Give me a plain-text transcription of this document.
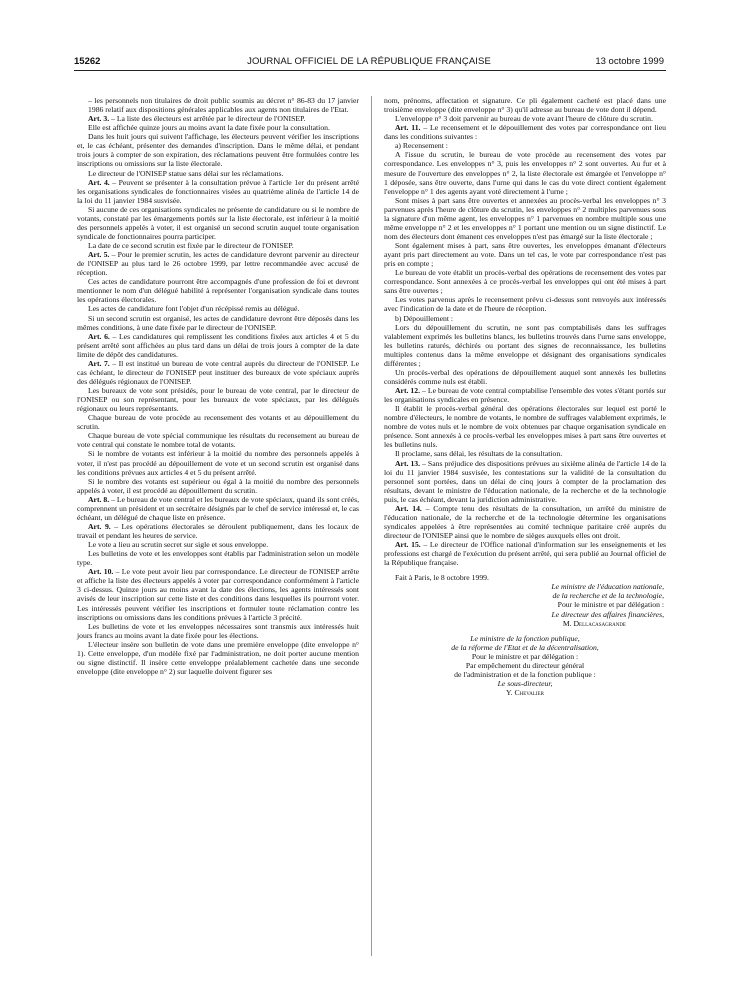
15262	JOURNAL OFFICIEL DE LA RÉPUBLIQUE FRANÇAISE	13 octobre 1999

– les personnels non titulaires de droit public soumis au décret n° 86-83 du 17 janvier 1986 relatif aux dispositions générales applicables aux agents non titulaires de l'Etat.

Art. 3. – La liste des électeurs est arrêtée par le directeur de l'ONISEP.

Elle est affichée quinze jours au moins avant la date fixée pour la consultation.

Dans les huit jours qui suivent l'affichage, les électeurs peuvent vérifier les inscriptions et, le cas échéant, présenter des demandes d'inscription. Dans le même délai, et pendant trois jours à compter de son expiration, des réclamations peuvent être formulées contre les inscriptions ou omissions sur la liste électorale.

Le directeur de l'ONISEP statue sans délai sur les réclamations.

Art. 4. – Peuvent se présenter à la consultation prévue à l'article 1er du présent arrêté les organisations syndicales de fonctionnaires visées au quatrième alinéa de l'article 14 de la loi du 11 janvier 1984 susvisée.

Si aucune de ces organisations syndicales ne présente de candidature ou si le nombre de votants, constaté par les émargements portés sur la liste électorale, est inférieur à la moitié des personnels appelés à voter, il est organisé un second scrutin auquel toute organisation syndicale de fonctionnaires pourra participer.

La date de ce second scrutin est fixée par le directeur de l'ONISEP.

Art. 5. – Pour le premier scrutin, les actes de candidature devront parvenir au directeur de l'ONISEP au plus tard le 26 octobre 1999, par lettre recommandée avec accusé de réception.

Ces actes de candidature pourront être accompagnés d'une profession de foi et devront mentionner le nom d'un délégué habilité à représenter l'organisation syndicale dans toutes les opérations électorales.

Les actes de candidature font l'objet d'un récépissé remis au délégué.

Si un second scrutin est organisé, les actes de candidature devront être déposés dans les mêmes conditions, à une date fixée par le directeur de l'ONISEP.

Art. 6. – Les candidatures qui remplissent les conditions fixées aux articles 4 et 5 du présent arrêté sont affichées au plus tard dans un délai de trois jours à compter de la date limite de dépôt des candidatures.

Art. 7. – Il est institué un bureau de vote central auprès du directeur de l'ONISEP. Le cas échéant, le directeur de l'ONISEP peut instituer des bureaux de vote spéciaux auprès des délégués régionaux de l'ONISEP.

Les bureaux de vote sont présidés, pour le bureau de vote central, par le directeur de l'ONISEP ou son représentant, pour les bureaux de vote spéciaux, par les délégués régionaux ou leurs représentants.

Chaque bureau de vote procède au recensement des votants et au dépouillement du scrutin.

Chaque bureau de vote spécial communique les résultats du recensement au bureau de vote central qui constate le nombre total de votants.

Si le nombre de votants est inférieur à la moitié du nombre des personnels appelés à voter, il n'est pas procédé au dépouillement de vote et un second scrutin est organisé dans les conditions prévues aux articles 4 et 5 du présent arrêté.

Si le nombre des votants est supérieur ou égal à la moitié du nombre des personnels appelés à voter, il est procédé au dépouillement du scrutin.

Art. 8. – Le bureau de vote central et les bureaux de vote spéciaux, quand ils sont créés, comprennent un président et un secrétaire désignés par le chef de service intéressé et, le cas échéant, un délégué de chaque liste en présence.

Art. 9. – Les opérations électorales se déroulent publiquement, dans les locaux de travail et pendant les heures de service.

Le vote a lieu au scrutin secret sur sigle et sous enveloppe.

Les bulletins de vote et les enveloppes sont établis par l'administration selon un modèle type.

Art. 10. – Le vote peut avoir lieu par correspondance. Le directeur de l'ONISEP arrête et affiche la liste des électeurs appelés à voter par correspondance conformément à l'article 3 ci-dessus. Quinze jours au moins avant la date des élections, les agents intéressés sont avisés de leur inscription sur cette liste et des conditions dans lesquelles ils pourront voter. Les intéressés peuvent vérifier les inscriptions et formuler toute réclamation contre les inscriptions ou omissions dans les conditions prévues à l'article 3 précité.

Les bulletins de vote et les enveloppes nécessaires sont transmis aux intéressés huit jours francs au moins avant la date fixée pour les élections.

L'électeur insère son bulletin de vote dans une première enveloppe (dite enveloppe n° 1). Cette enveloppe, d'un modèle fixé par l'administration, ne doit porter aucune mention ou signe distinctif. Il insère cette enveloppe préalablement cachetée dans une seconde enveloppe (dite enveloppe n° 2) sur laquelle doivent figurer ses

nom, prénoms, affectation et signature. Ce pli également cacheté est placé dans une troisième enveloppe (dite enveloppe n° 3) qu'il adresse au bureau de vote dont il dépend.

L'enveloppe n° 3 doit parvenir au bureau de vote avant l'heure de clôture du scrutin.

Art. 11. – Le recensement et le dépouillement des votes par correspondance ont lieu dans les conditions suivantes :

a) Recensement :

A l'issue du scrutin, le bureau de vote procède au recensement des votes par correspondance. Les enveloppes n° 3, puis les enveloppes n° 2 sont ouvertes. Au fur et à mesure de l'ouverture des enveloppes n° 2, la liste électorale est émargée et l'enveloppe n° 1 déposée, sans être ouverte, dans l'urne qui dans le cas du vote direct contient également l'enveloppe n° 1 des agents ayant voté directement à l'urne ;

Sont mises à part sans être ouvertes et annexées au procès-verbal les enveloppes n° 3 parvenues après l'heure de clôture du scrutin, les enveloppes n° 2 multiples parvenues sous la signature d'un même agent, les enveloppes n° 1 parvenues en nombre multiple sous une même enveloppe n° 2 et les enveloppes n° 1 portant une mention ou un signe distinctif. Le nom des électeurs dont émanent ces enveloppes n'est pas émargé sur la liste électorale ;

Sont également mises à part, sans être ouvertes, les enveloppes émanant d'électeurs ayant pris part directement au vote. Dans un tel cas, le vote par correspondance n'est pas pris en compte ;

Le bureau de vote établit un procès-verbal des opérations de recensement des votes par correspondance. Sont annexées à ce procès-verbal les enveloppes qui ont été mises à part sans être ouvertes ;

Les votes parvenus après le recensement prévu ci-dessus sont renvoyés aux intéressés avec l'indication de la date et de l'heure de réception.

b) Dépouillement :

Lors du dépouillement du scrutin, ne sont pas comptabilisés dans les suffrages valablement exprimés les bulletins blancs, les bulletins trouvés dans l'urne sans enveloppe, les bulletins raturés, déchirés ou portant des signes de reconnaissance, les bulletins multiples contenus dans la même enveloppe et désignant des organisations syndicales différentes ;

Un procès-verbal des opérations de dépouillement auquel sont annexés les bulletins considérés comme nuls est établi.

Art. 12. – Le bureau de vote central comptabilise l'ensemble des votes s'étant portés sur les organisations syndicales en présence.

Il établit le procès-verbal général des opérations électorales sur lequel est porté le nombre d'électeurs, le nombre de votants, le nombre de suffrages valablement exprimés, le nombre de votes nuls et le nombre de voix obtenues par chaque organisation syndicale en présence. Sont annexés à ce procès-verbal les enveloppes mises à part sans être ouvertes et les bulletins nuls.

Il proclame, sans délai, les résultats de la consultation.

Art. 13. – Sans préjudice des dispositions prévues au sixième alinéa de l'article 14 de la loi du 11 janvier 1984 susvisée, les contestations sur la validité de la consultation du personnel sont portées, dans un délai de cinq jours à compter de la proclamation des résultats, devant le ministre de l'éducation nationale, de la recherche et de la technologie puis, le cas échéant, devant la juridiction administrative.

Art. 14. – Compte tenu des résultats de la consultation, un arrêté du ministre de l'éducation nationale, de la recherche et de la technologie détermine les organisations syndicales appelées à être représentées au comité technique paritaire créé auprès du directeur de l'ONISEP ainsi que le nombre de sièges auxquels elles ont droit.

Art. 15. – Le directeur de l'Office national d'information sur les enseignements et les professions est chargé de l'exécution du présent arrêté, qui sera publié au Journal officiel de la République française.

Fait à Paris, le 8 octobre 1999.

Le ministre de l'éducation nationale,

de la recherche et de la technologie,

Pour le ministre et par délégation :

Le directeur des affaires financières,

M. Dellacasagrande

Le ministre de la fonction publique,

de la réforme de l'Etat et de la décentralisation,

Pour le ministre et par délégation :

Par empêchement du directeur général

de l'administration et de la fonction publique :

Le sous-directeur,

Y. Chevalier
